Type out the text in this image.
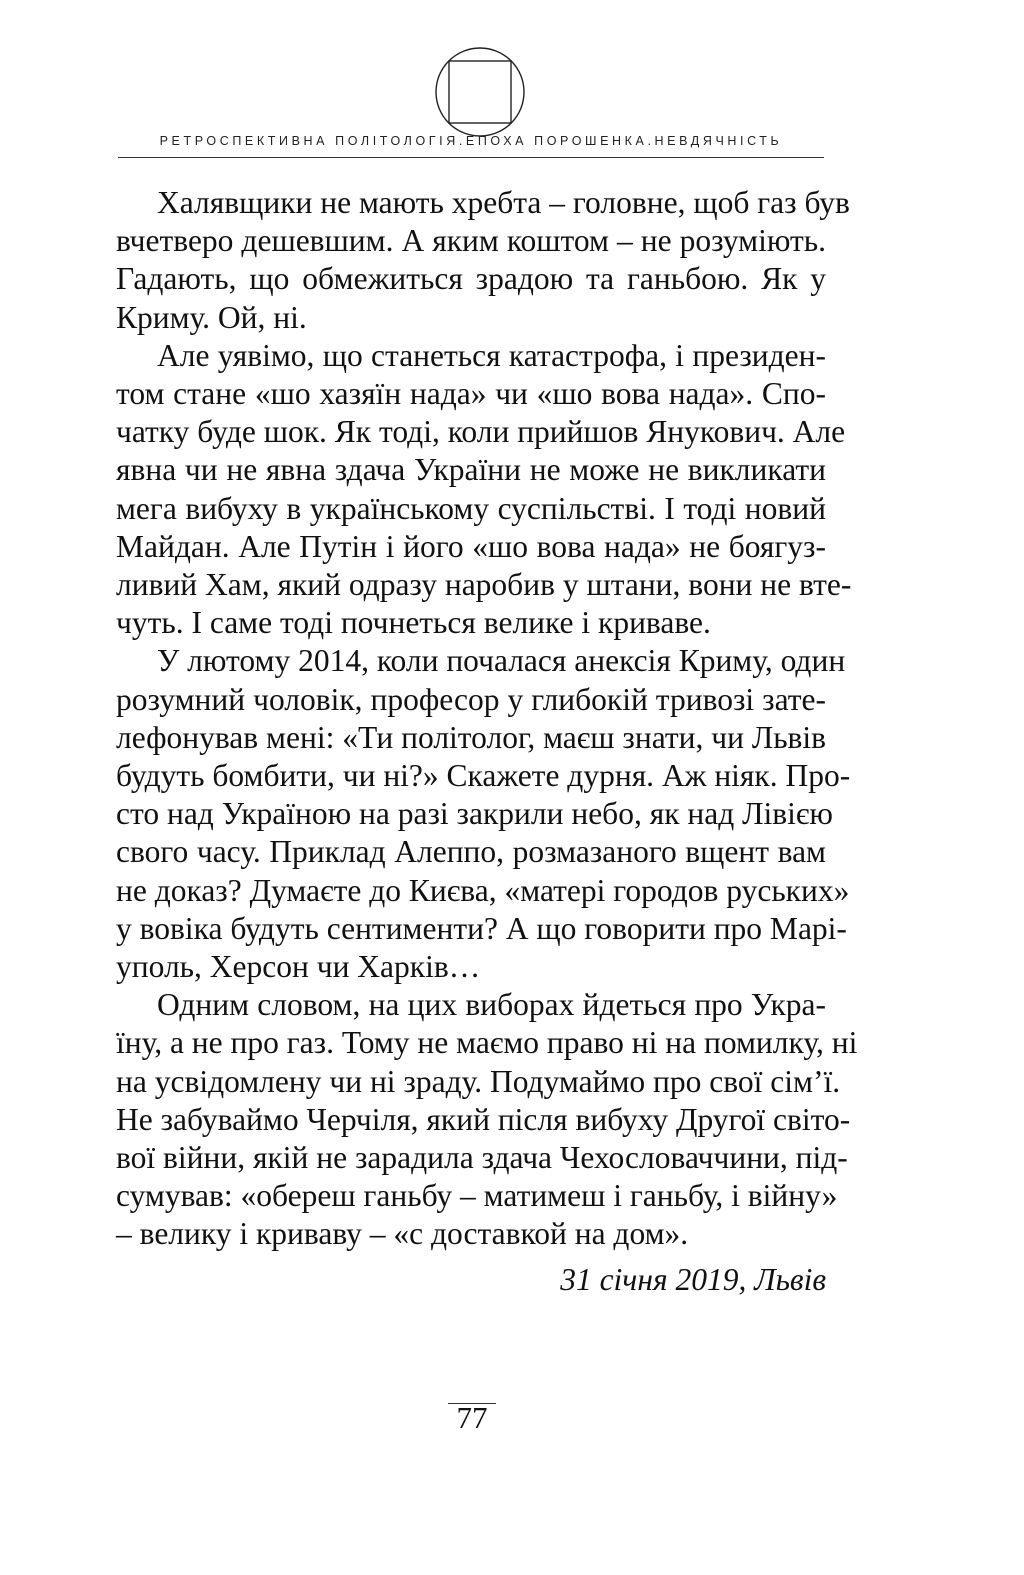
РЕТРОСПЕКТИВНА ПОЛІТОЛОГІЯ.ЕПОХА ПОРОШЕНКА.НЕВДЯЧНІСТЬ
Халявщики не мають хребта – головне, щоб газ був
вчетверо дешевшим. А яким коштом – не розуміють.
Гадають, що обмежиться зрадою та ганьбою. Як у
Криму. Ой, ні.
Але уявімо, що станеться катастрофа, і президен-
том стане «шо хазяїн нада» чи «шо вова нада». Спо-
чатку буде шок. Як тоді, коли прийшов Янукович. Але
явна чи не явна здача України не може не викликати
мега вибуху в українському суспільстві. І тоді новий
Майдан. Але Путін і його «шо вова нада» не боягуз-
ливий Хам, який одразу наробив у штани, вони не вте-
чуть. І саме тоді почнеться велике і криваве.
У лютому 2014, коли почалася анексія Криму, один
розумний чоловік, професор у глибокій тривозі зате-
лефонував мені: «Ти політолог, маєш знати, чи Львів
будуть бомбити, чи ні?» Скажете дурня. Аж ніяк. Про-
сто над Україною на разі закрили небо, як над Лівією
свого часу. Приклад Алеппо, розмазаного вщент вам
не доказ? Думаєте до Києва, «матері городов руських»
у вовіка будуть сентименти? А що говорити про Марі-
уполь, Херсон чи Харків…
Одним словом, на цих виборах йдеться про Укра-
їну, а не про газ. Тому не маємо право ні на помилку, ні
на усвідомлену чи ні зраду. Подумаймо про свої сім’ї.
Не забуваймо Черчіля, який після вибуху Другої світо-
вої війни, якій не зарадила здача Чехословаччини, під-
сумував: «обереш ганьбу – матимеш і ганьбу, і війну»
– велику і криваву – «с доставкой на дом».
31 січня 2019, Львів
77
